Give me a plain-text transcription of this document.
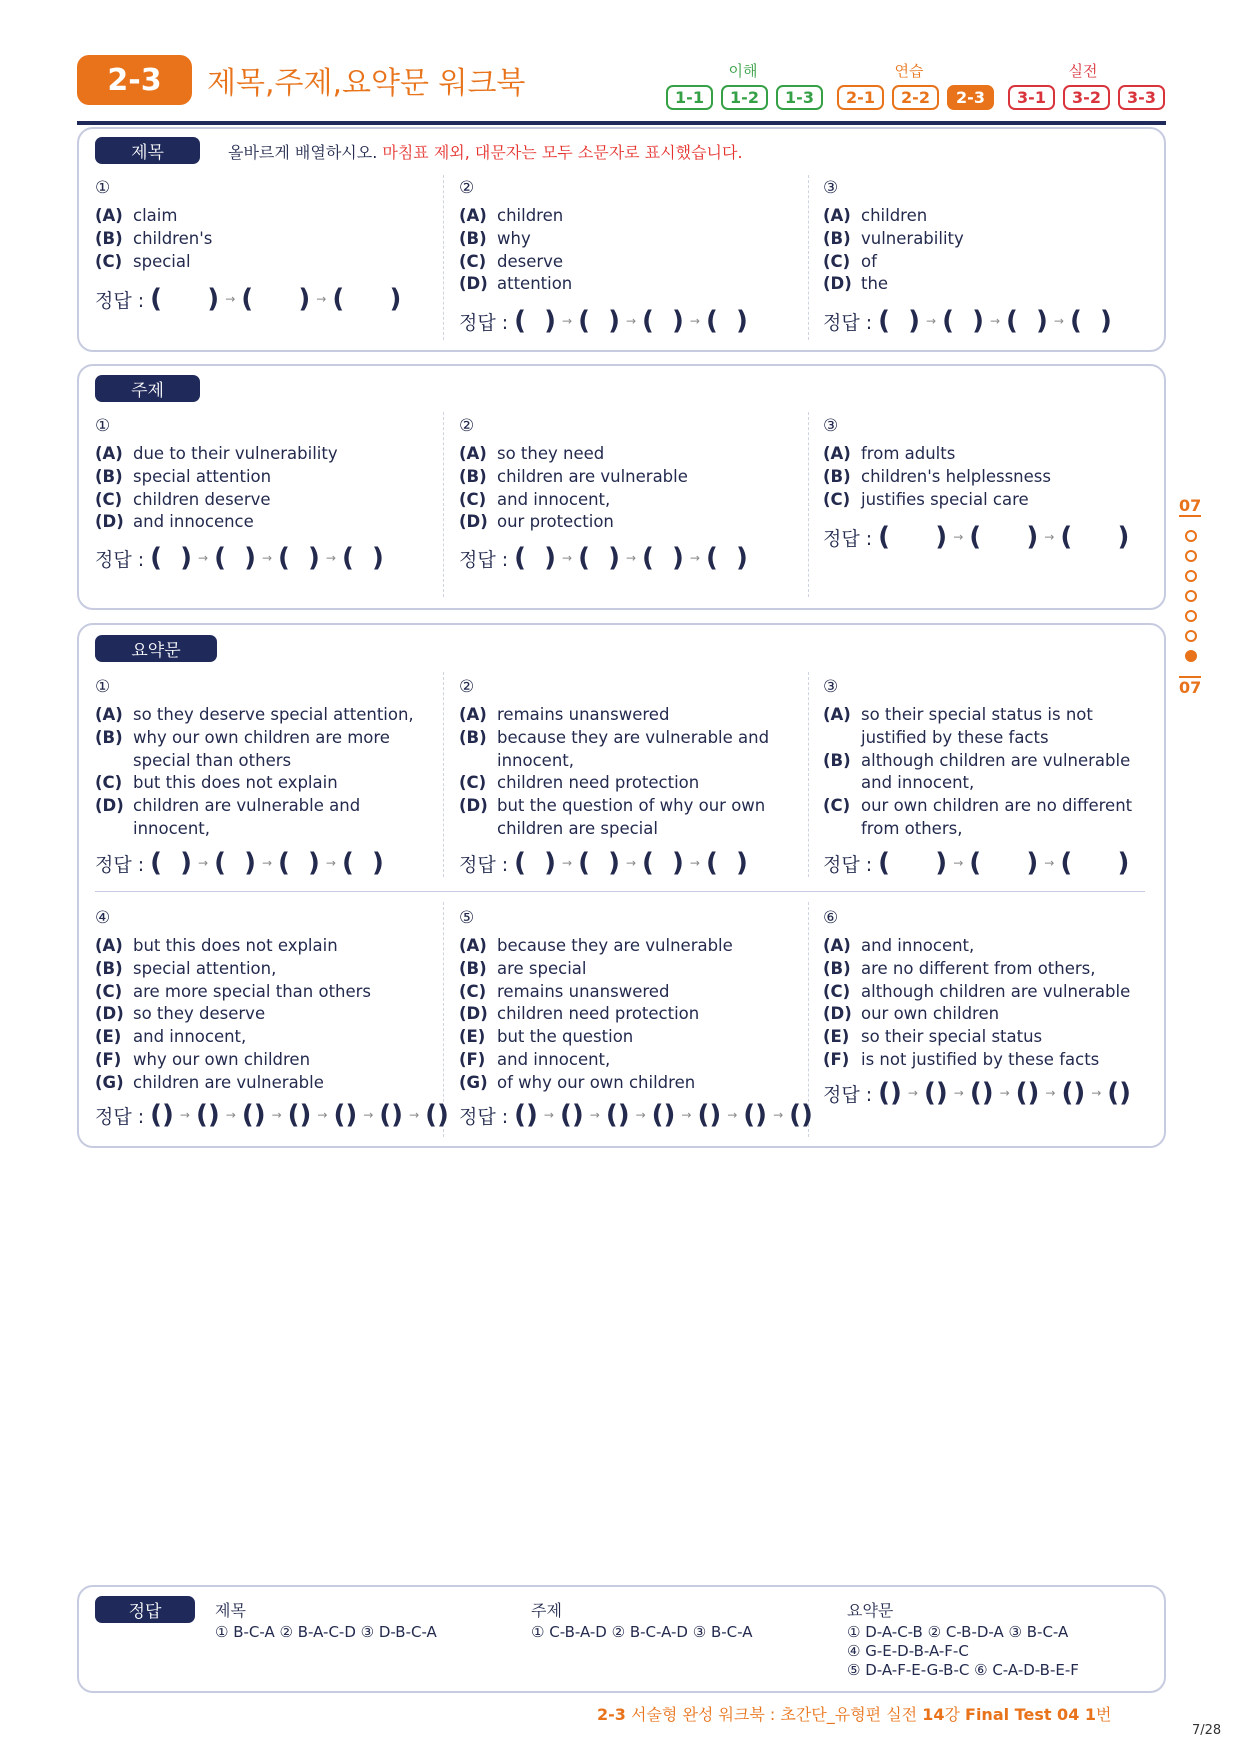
2-3	제목,주제,요약문 워크북	이해	연습	실전
1-1	1-2	1-3	2-1	2-2	2-3	3-1	3-2	3-3
제목	올바르게 배열하시오. 마침표 제외, 대문자는 모두 소문자로 표시했습니다.
①
(A) claim
(B) children's
(C) special
정답 : (     ) → (     ) → (     )
②
(A) children
(B) why
(C) deserve
(D) attention
정답 : (  ) → (  ) → (  ) → (  )
③
(A) children
(B) vulnerability
(C) of
(D) the
정답 : (  ) → (  ) → (  ) → (  )
주제
①
(A) due to their vulnerability
(B) special attention
(C) children deserve
(D) and innocence
정답 : (  ) → (  ) → (  ) → (  )
②
(A) so they need
(B) children are vulnerable
(C) and innocent,
(D) our protection
정답 : (  ) → (  ) → (  ) → (  )
③
(A) from adults
(B) children's helplessness
(C) justifies special care
정답 : (     ) → (     ) → (     )
요약문
①
(A) so they deserve special attention,
(B) why our own children are more special than others
(C) but this does not explain
(D) children are vulnerable and innocent,
정답 : (  ) → (  ) → (  ) → (  )
②
(A) remains unanswered
(B) because they are vulnerable and innocent,
(C) children need protection
(D) but the question of why our own children are special
정답 : (  ) → (  ) → (  ) → (  )
③
(A) so their special status is not justified by these facts
(B) although children are vulnerable and innocent,
(C) our own children are no different from others,
정답 : (     ) → (     ) → (     )
④
(A) but this does not explain
(B) special attention,
(C) are more special than others
(D) so they deserve
(E) and innocent,
(F) why our own children
(G) children are vulnerable
정답 : () → () → () → () → () → () → ()
⑤
(A) because they are vulnerable
(B) are special
(C) remains unanswered
(D) children need protection
(E) but the question
(F) and innocent,
(G) of why our own children
정답 : () → () → () → () → () → () → ()
⑥
(A) and innocent,
(B) are no different from others,
(C) although children are vulnerable
(D) our own children
(E) so their special status
(F) is not justified by these facts
정답 : () → () → () → () → () → ()
07
07
정답	제목
① B-C-A ② B-A-C-D ③ D-B-C-A
주제
① C-B-A-D ② B-C-A-D ③ B-C-A
요약문
① D-A-C-B ② C-B-D-A ③ B-C-A
④ G-E-D-B-A-F-C
⑤ D-A-F-E-G-B-C ⑥ C-A-D-B-E-F
2-3 서술형 완성 워크북 : 초간단_유형편 실전 14강 Final Test 04 1번
7/28
